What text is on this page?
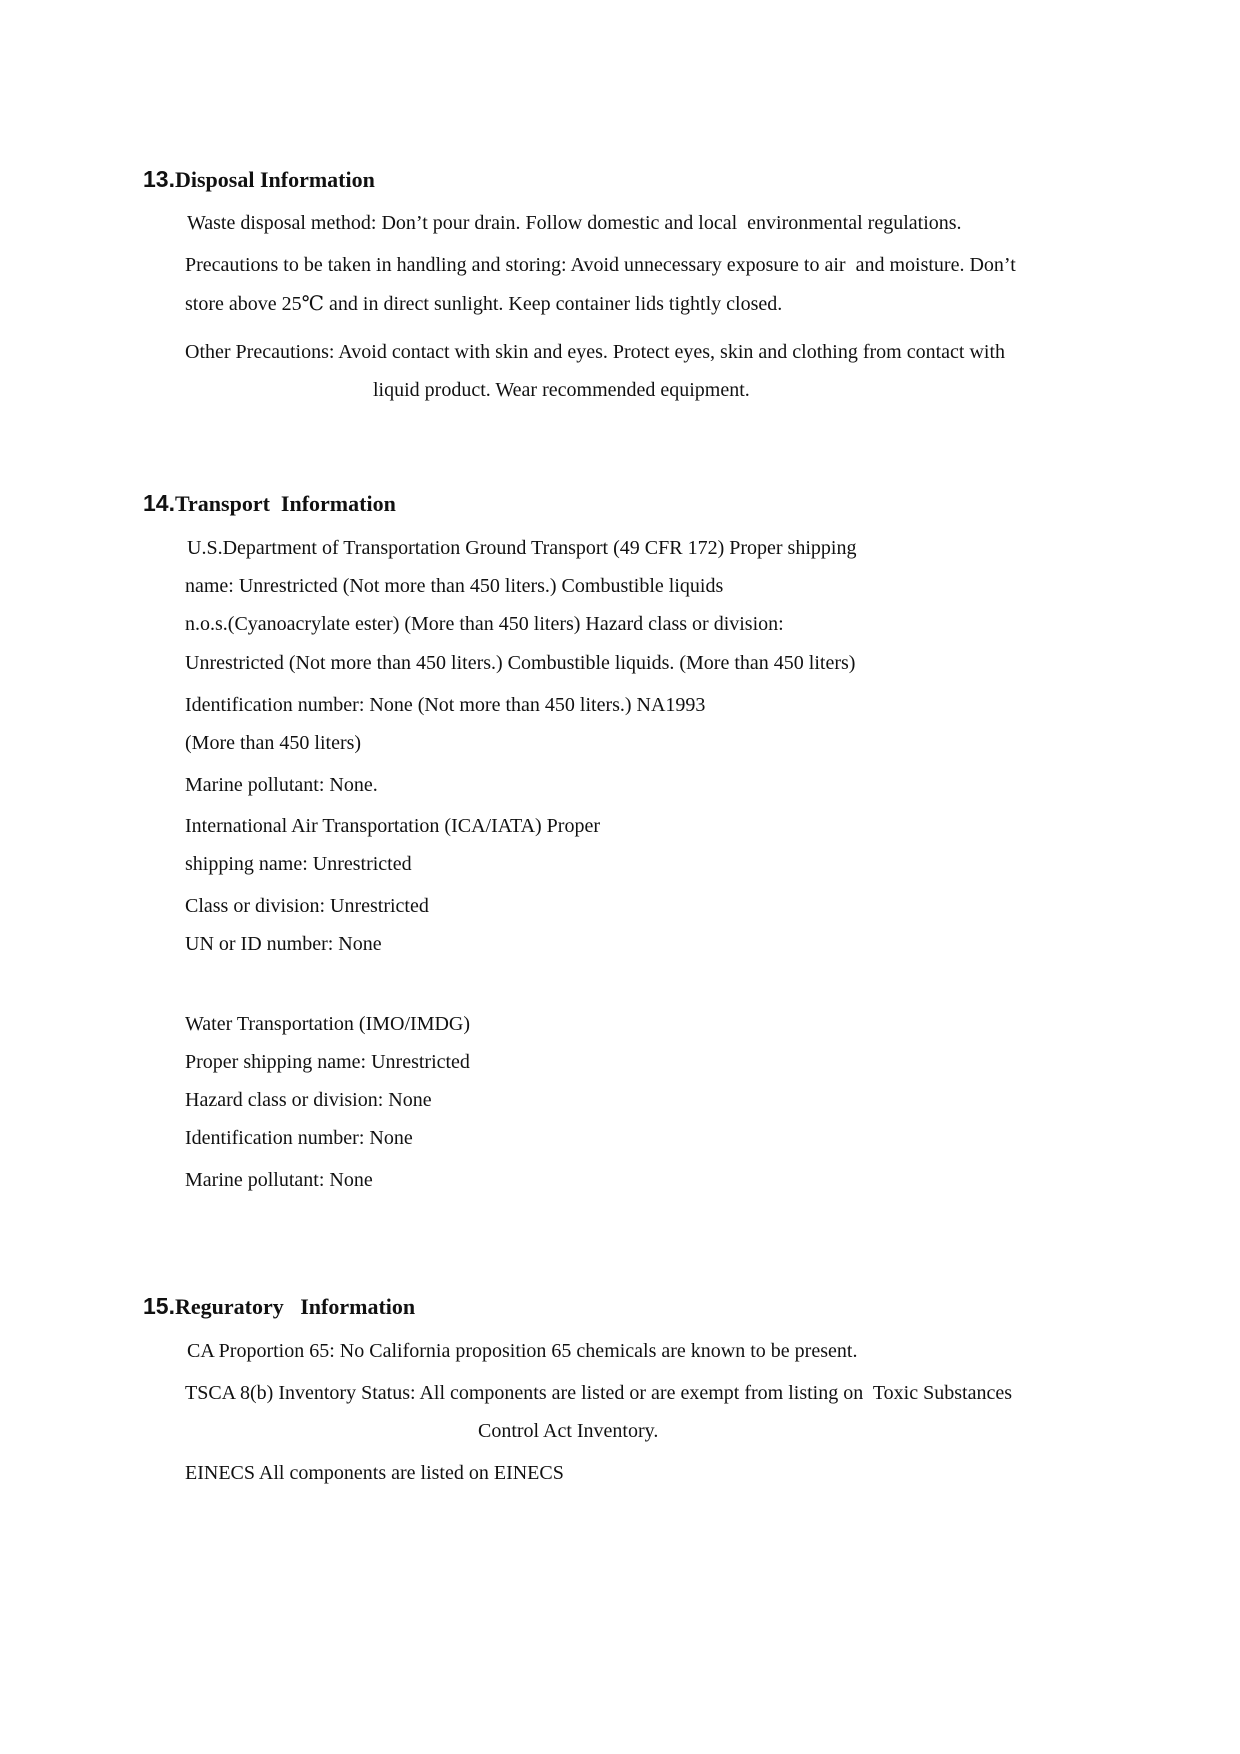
13.Disposal Information
Waste disposal method: Don’t pour drain. Follow domestic and local  environmental regulations.
Precautions to be taken in handling and storing: Avoid unnecessary exposure to air  and moisture. Don’t
store above 25℃ and in direct sunlight. Keep container lids tightly closed.
Other Precautions: Avoid contact with skin and eyes. Protect eyes, skin and clothing from contact with
liquid product. Wear recommended equipment.
14.Transport  Information
U.S.Department of Transportation Ground Transport (49 CFR 172) Proper shipping
name: Unrestricted (Not more than 450 liters.) Combustible liquids
n.o.s.(Cyanoacrylate ester) (More than 450 liters) Hazard class or division:
Unrestricted (Not more than 450 liters.) Combustible liquids. (More than 450 liters)
Identification number: None (Not more than 450 liters.) NA1993
(More than 450 liters)
Marine pollutant: None.
International Air Transportation (ICA/IATA) Proper
shipping name: Unrestricted
Class or division: Unrestricted
UN or ID number: None
Water Transportation (IMO/IMDG)
Proper shipping name: Unrestricted
Hazard class or division: None
Identification number: None
Marine pollutant: None
15.Reguratory   Information
CA Proportion 65: No California proposition 65 chemicals are known to be present.
TSCA 8(b) Inventory Status: All components are listed or are exempt from listing on  Toxic Substances
Control Act Inventory.
EINECS All components are listed on EINECS
